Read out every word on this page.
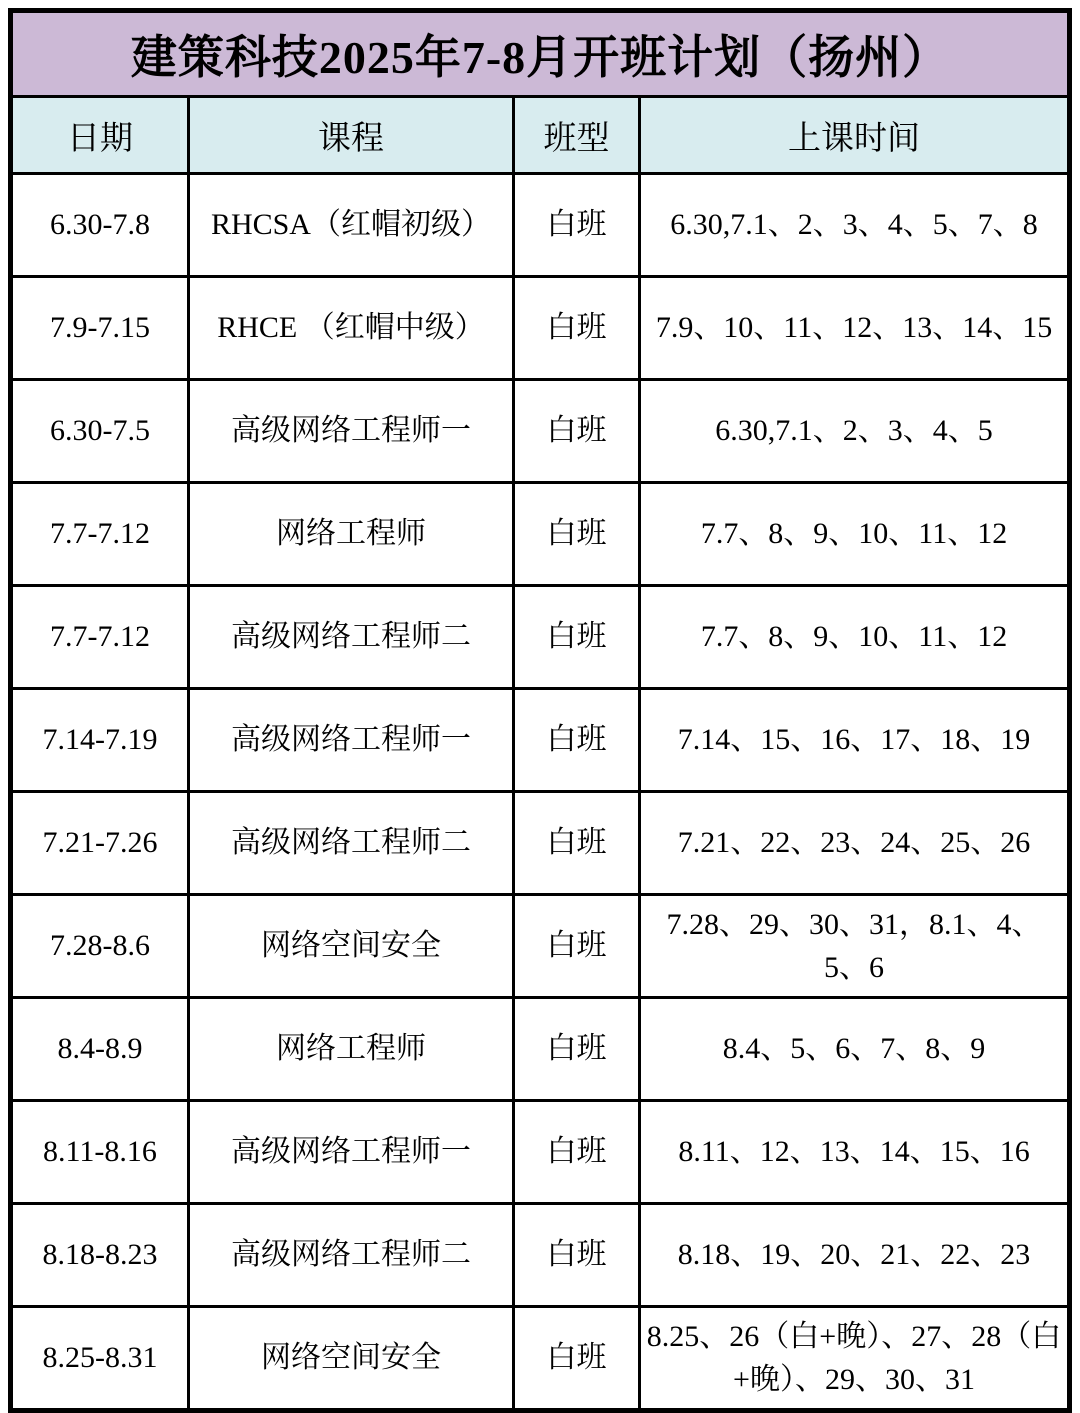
建策科技2025年7-8月开班计划（扬州）			
日期	课程	班型	上课时间
6.30-7.8	RHCSA（红帽初级）	白班	6.30,7.1、2、3、4、5、7、8
7.9-7.15	RHCE （红帽中级）	白班	7.9、10、11、12、13、14、15
6.30-7.5	高级网络工程师一	白班	6.30,7.1、2、3、4、5
7.7-7.12	网络工程师	白班	7.7、8、9、10、11、12
7.7-7.12	高级网络工程师二	白班	7.7、8、9、10、11、12
7.14-7.19	高级网络工程师一	白班	7.14、15、16、17、18、19
7.21-7.26	高级网络工程师二	白班	7.21、22、23、24、25、26
7.28-8.6	网络空间安全	白班	7.28、29、30、31，8.1、4、5、6
8.4-8.9	网络工程师	白班	8.4、5、6、7、8、9
8.11-8.16	高级网络工程师一	白班	8.11、12、13、14、15、16
8.18-8.23	高级网络工程师二	白班	8.18、19、20、21、22、23
8.25-8.31	网络空间安全	白班	8.25、26（白+晚）、27、28（白+晚）、29、30、31
